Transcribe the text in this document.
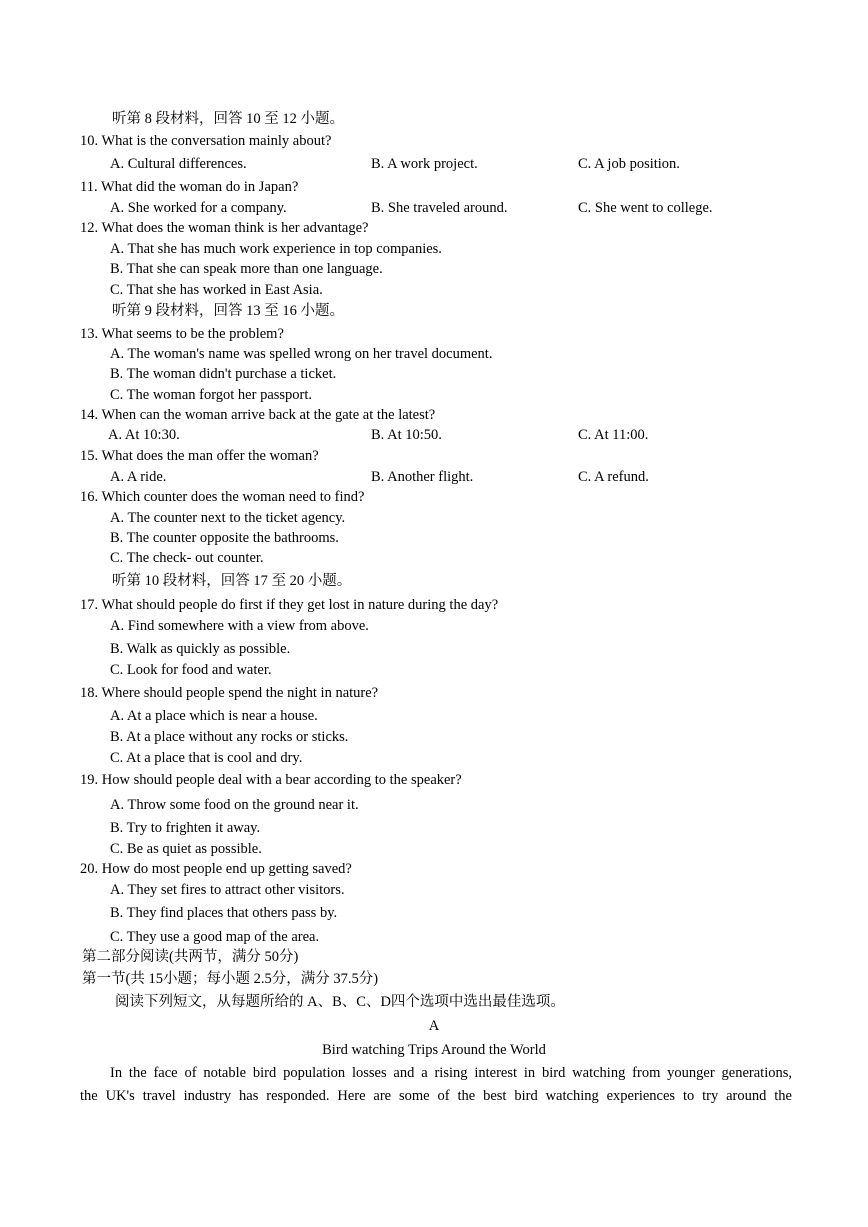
听第 8 段材料，回答 10 至 12 小题。
10. What is the conversation mainly about?
A. Cultural differences.	B. A work project.	C. A job position.
11. What did the woman do in Japan?
A. She worked for a company.	B. She traveled around.	C. She went to college.
12. What does the woman think is her advantage?
A. That she has much work experience in top companies.
B. That she can speak more than one language.
C. That she has worked in East Asia.
听第 9 段材料，回答 13 至 16 小题。
13. What seems to be the problem?
A. The woman's name was spelled wrong on her travel document.
B. The woman didn't purchase a ticket.
C. The woman forgot her passport.
14. When can the woman arrive back at the gate at the latest?
A. At 10:30.	B. At 10:50.	C. At 11:00.
15. What does the man offer the woman?
A. A ride.	B. Another flight.	C. A refund.
16. Which counter does the woman need to find?
A. The counter next to the ticket agency.
B. The counter opposite the bathrooms.
C. The check- out counter.
听第 10 段材料，回答 17 至 20 小题。
17. What should people do first if they get lost in nature during the day?
A. Find somewhere with a view from above.
B. Walk as quickly as possible.
C. Look for food and water.
18. Where should people spend the night in nature?
A. At a place which is near a house.
B. At a place without any rocks or sticks.
C. At a place that is cool and dry.
19. How should people deal with a bear according to the speaker?
A. Throw some food on the ground near it.
B. Try to frighten it away.
C. Be as quiet as possible.
20. How do most people end up getting saved?
A. They set fires to attract other visitors.
B. They find places that others pass by.
C. They use a good map of the area.
第二部分阅读(共两节，满分 50分)
第一节(共 15小题；每小题 2.5分，满分 37.5分)
阅读下列短文，从每题所给的 A、B、C、D四个选项中选出最佳选项。
A
Bird watching Trips Around the World
In the face of notable bird population losses and a rising interest in bird watching from younger generations,
the UK's travel industry has responded. Here are some of the best bird watching experiences to try around the
